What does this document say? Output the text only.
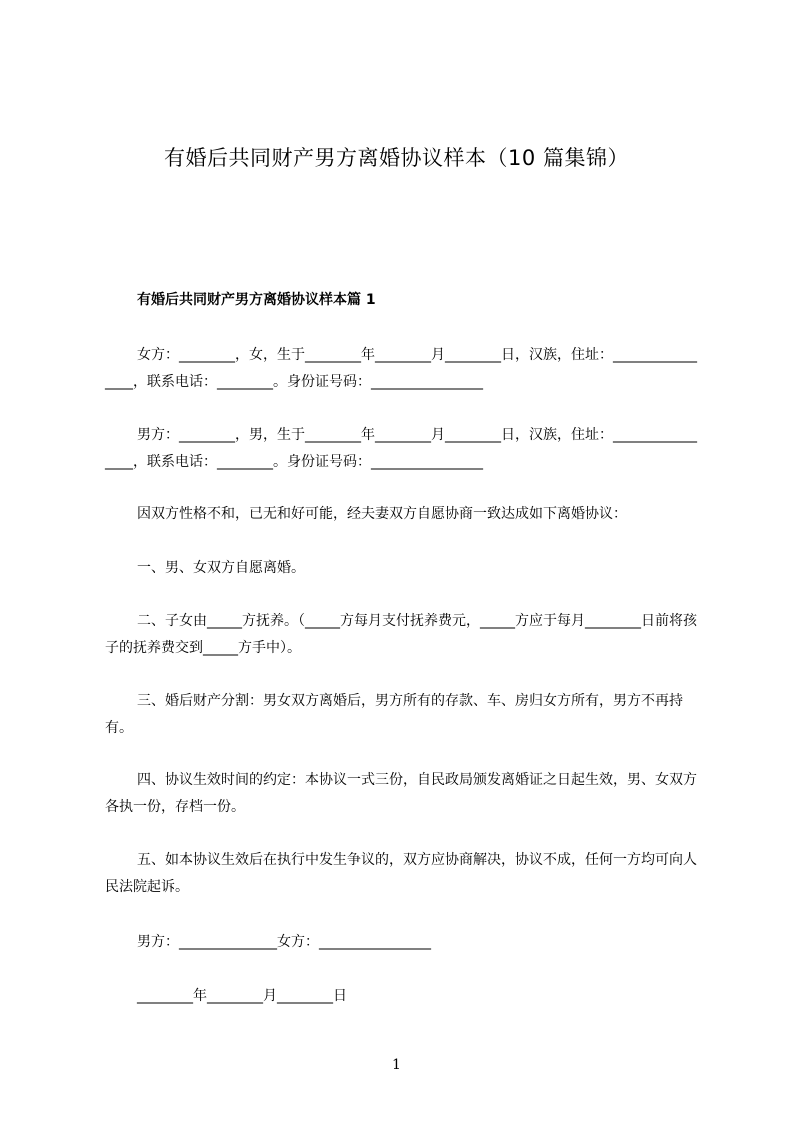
有婚后共同财产男方离婚协议样本（10 篇集锦）
有婚后共同财产男方离婚协议样本篇 1

女方：________，女，生于________年________月________日，汉族，住址：________________，联系电话：________。身份证号码：________________

男方：________，男，生于________年________月________日，汉族，住址：________________，联系电话：________。身份证号码：________________

因双方性格不和，已无和好可能，经夫妻双方自愿协商一致达成如下离婚协议：

一、男、女双方自愿离婚。

二、子女由_____方抚养。（_____方每月支付抚养费元，_____方应于每月________日前将孩子的抚养费交到_____方手中）。

三、婚后财产分割：男女双方离婚后，男方所有的存款、车、房归女方所有，男方不再持有。

四、协议生效时间的约定：本协议一式三份，自民政局颁发离婚证之日起生效，男、女双方各执一份，存档一份。

五、如本协议生效后在执行中发生争议的，双方应协商解决，协议不成，任何一方均可向人民法院起诉。

男方：______________女方：________________
________年________月________日
1
